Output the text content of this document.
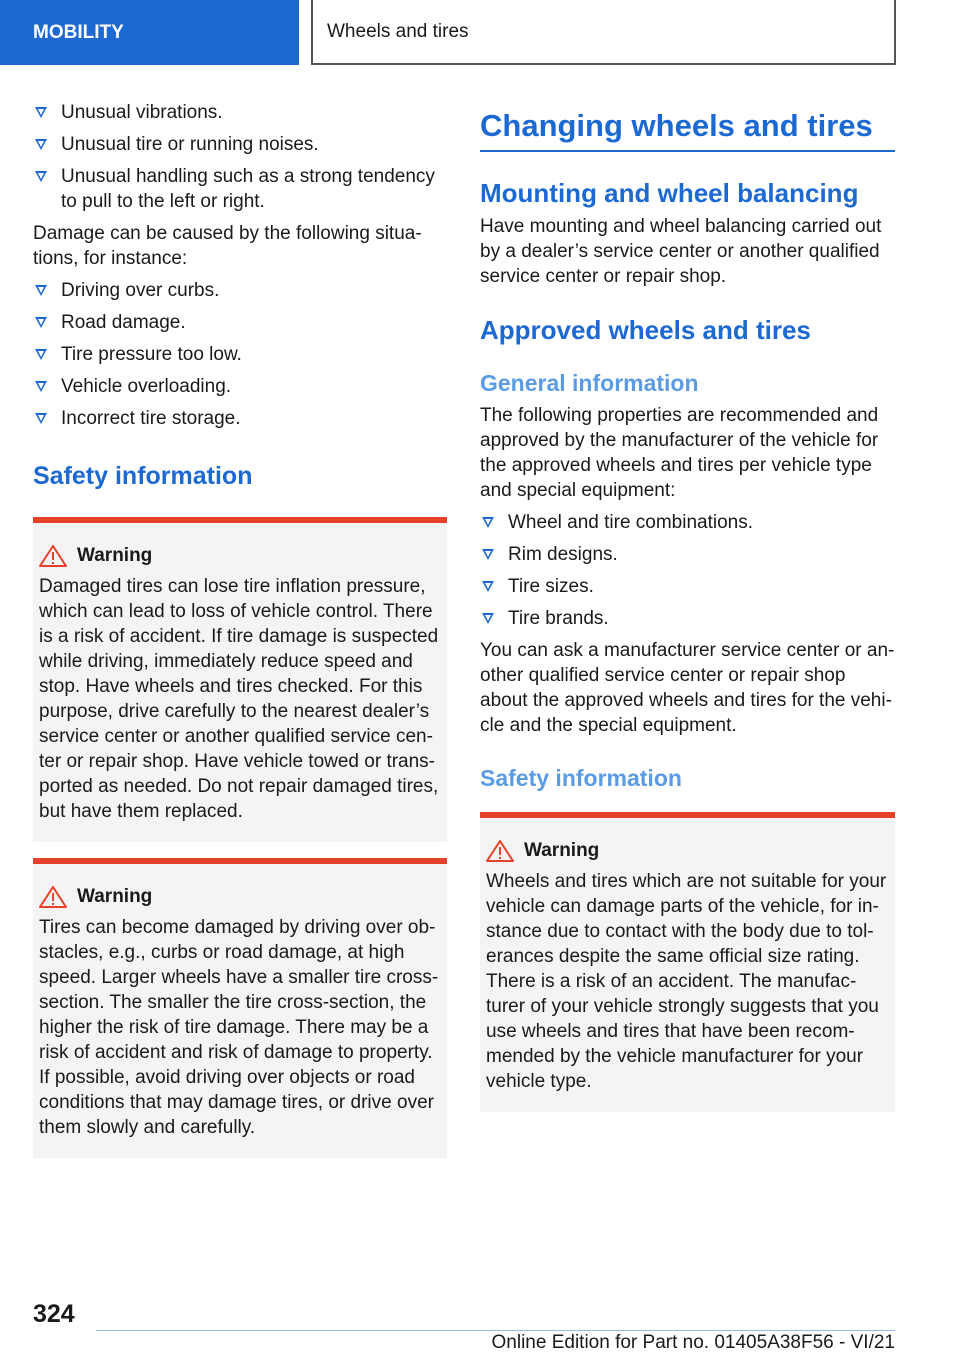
MOBILITY	Wheels and tires
Unusual vibrations.
Unusual tire or running noises.
Unusual handling such as a strong tendency to pull to the left or right.

Damage can be caused by the following situa-tions, for instance:

Driving over curbs.
Road damage.
Tire pressure too low.
Vehicle overloading.
Incorrect tire storage.
Safety information
Warning
Damaged tires can lose tire inflation pressure, which can lead to loss of vehicle control. There is a risk of accident. If tire damage is suspected while driving, immediately reduce speed and stop. Have wheels and tires checked. For this purpose, drive carefully to the nearest dealer’s service center or another qualified service cen-ter or repair shop. Have vehicle towed or trans-ported as needed. Do not repair damaged tires, but have them replaced.
Warning
Tires can become damaged by driving over ob-stacles, e.g., curbs or road damage, at high speed. Larger wheels have a smaller tire cross-section. The smaller the tire cross-section, the higher the risk of tire damage. There may be a risk of accident and risk of damage to property. If possible, avoid driving over objects or road conditions that may damage tires, or drive over them slowly and carefully.
Changing wheels and tires
Mounting and wheel balancing

Have mounting and wheel balancing carried out by a dealer’s service center or another qualified service center or repair shop.

Approved wheels and tires
General information

The following properties are recommended and approved by the manufacturer of the vehicle for the approved wheels and tires per vehicle type and special equipment:

Wheel and tire combinations.
Rim designs.
Tire sizes.
Tire brands.

You can ask a manufacturer service center or an-other qualified service center or repair shop about the approved wheels and tires for the vehi-cle and the special equipment.

Safety information
Warning
Wheels and tires which are not suitable for your vehicle can damage parts of the vehicle, for in-stance due to contact with the body due to tol-erances despite the same official size rating. There is a risk of an accident. The manufac-turer of your vehicle strongly suggests that you use wheels and tires that have been recom-mended by the vehicle manufacturer for your vehicle type.
324
Online Edition for Part no. 01405A38F56 - VI/21
